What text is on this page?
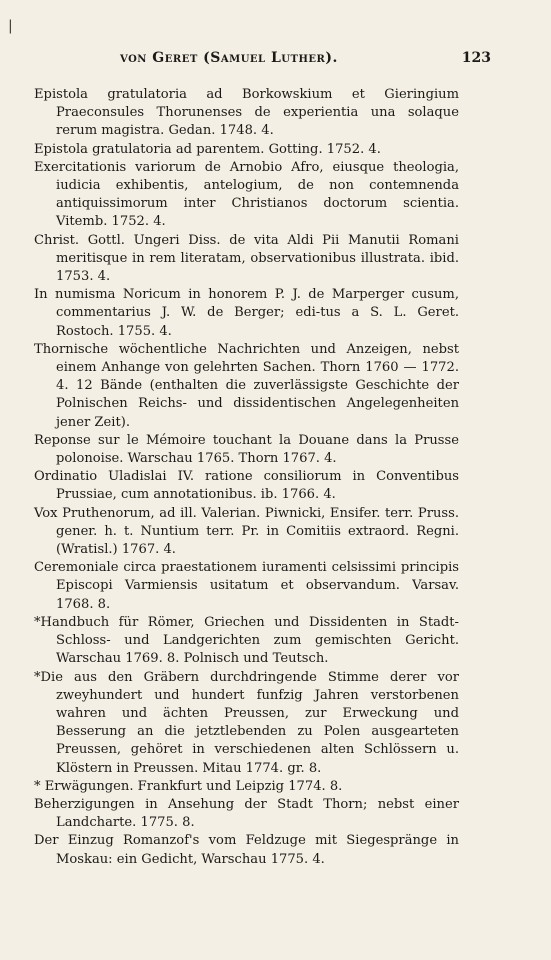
|
von Geret (Samuel Luther).	123

Epistola gratulatoria ad Borkowskium et Gieringium Praeconsules Thorunenses de experientia una solaque rerum magistra. Gedan. 1748. 4.

Epistola gratulatoria ad parentem. Gotting. 1752. 4.

Exercitationis variorum de Arnobio Afro, eiusque theologia, iudicia exhibentis, antelogium, de non contemnenda antiquissimorum inter Christianos doctorum scientia. Vitemb. 1752. 4.

Christ. Gottl. Ungeri Diss. de vita Aldi Pii Manutii Romani meritisque in rem literatam, observationibus illustrata. ibid. 1753. 4.

In numisma Noricum in honorem P. J. de Marperger cusum, commentarius J. W. de Berger; edi-tus a S. L. Geret. Rostoch. 1755. 4.

Thornische wöchentliche Nachrichten und Anzeigen, nebst einem Anhange von gelehrten Sachen. Thorn 1760 — 1772. 4. 12 Bände (enthalten die zuverlässigste Geschichte der Polnischen Reichs- und dissidentischen Angelegenheiten jener Zeit).

Reponse sur le Mémoire touchant la Douane dans la Prusse polonoise. Warschau 1765. Thorn 1767. 4.

Ordinatio Uladislai IV. ratione consiliorum in Conventibus Prussiae, cum annotationibus. ib. 1766. 4.

Vox Pruthenorum, ad ill. Valerian. Piwnicki, Ensifer. terr. Pruss. gener. h. t. Nuntium terr. Pr. in Comitiis extraord. Regni. (Wratisl.) 1767. 4.

Ceremoniale circa praestationem iuramenti celsissimi principis Episcopi Varmiensis usitatum et observandum. Varsav. 1768. 8.

*Handbuch für Römer, Griechen und Dissidenten in Stadt- Schloss- und Landgerichten zum gemischten Gericht. Warschau 1769. 8. Polnisch und Teutsch.

*Die aus den Gräbern durchdringende Stimme derer vor zweyhundert und hundert funfzig Jahren verstorbenen wahren und ächten Preussen, zur Erweckung und Besserung an die jetztlebenden zu Polen ausgearteten Preussen, gehöret in verschiedenen alten Schlössern u. Klöstern in Preussen. Mitau 1774. gr. 8.

* Erwägungen. Frankfurt und Leipzig 1774. 8.

Beherzigungen in Ansehung der Stadt Thorn; nebst einer Landcharte. 1775. 8.

Der Einzug Romanzof's vom Feldzuge mit Siegespränge in Moskau: ein Gedicht, Warschau 1775. 4.
